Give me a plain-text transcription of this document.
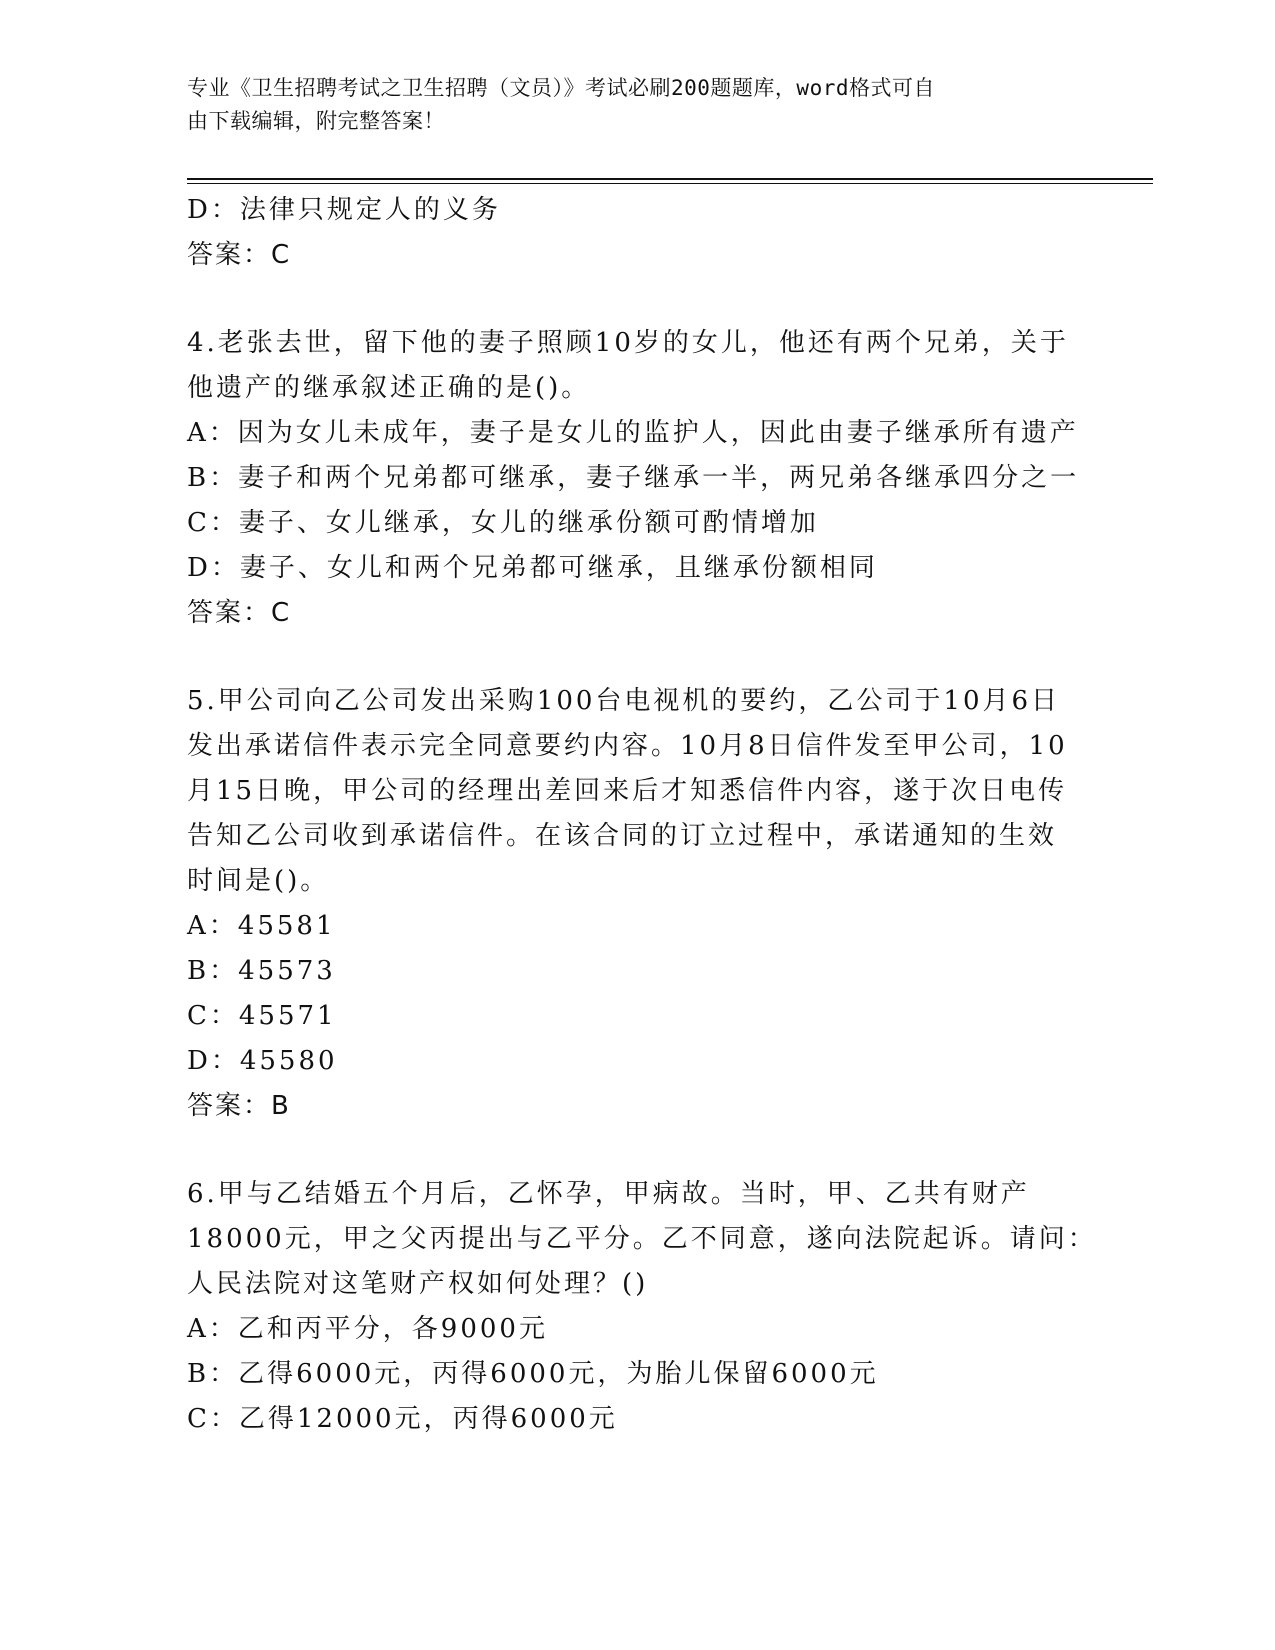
专业《卫生招聘考试之卫生招聘（文员）》考试必刷200题题库，word格式可自
由下载编辑，附完整答案！
D：法律只规定人的义务
答案：C
4.老张去世，留下他的妻子照顾10岁的女儿，他还有两个兄弟，关于
他遗产的继承叙述正确的是()。
A：因为女儿未成年，妻子是女儿的监护人，因此由妻子继承所有遗产
B：妻子和两个兄弟都可继承，妻子继承一半，两兄弟各继承四分之一
C：妻子、女儿继承，女儿的继承份额可酌情增加
D：妻子、女儿和两个兄弟都可继承，且继承份额相同
答案：C
5.甲公司向乙公司发出采购100台电视机的要约，乙公司于10月6日
发出承诺信件表示完全同意要约内容。10月8日信件发至甲公司，10
月15日晚，甲公司的经理出差回来后才知悉信件内容，遂于次日电传
告知乙公司收到承诺信件。在该合同的订立过程中，承诺通知的生效
时间是()。
A：45581
B：45573
C：45571
D：45580
答案：B
6.甲与乙结婚五个月后，乙怀孕，甲病故。当时，甲、乙共有财产
18000元，甲之父丙提出与乙平分。乙不同意，遂向法院起诉。请问：
人民法院对这笔财产权如何处理？()
A：乙和丙平分，各9000元
B：乙得6000元，丙得6000元，为胎儿保留6000元
C：乙得12000元，丙得6000元
